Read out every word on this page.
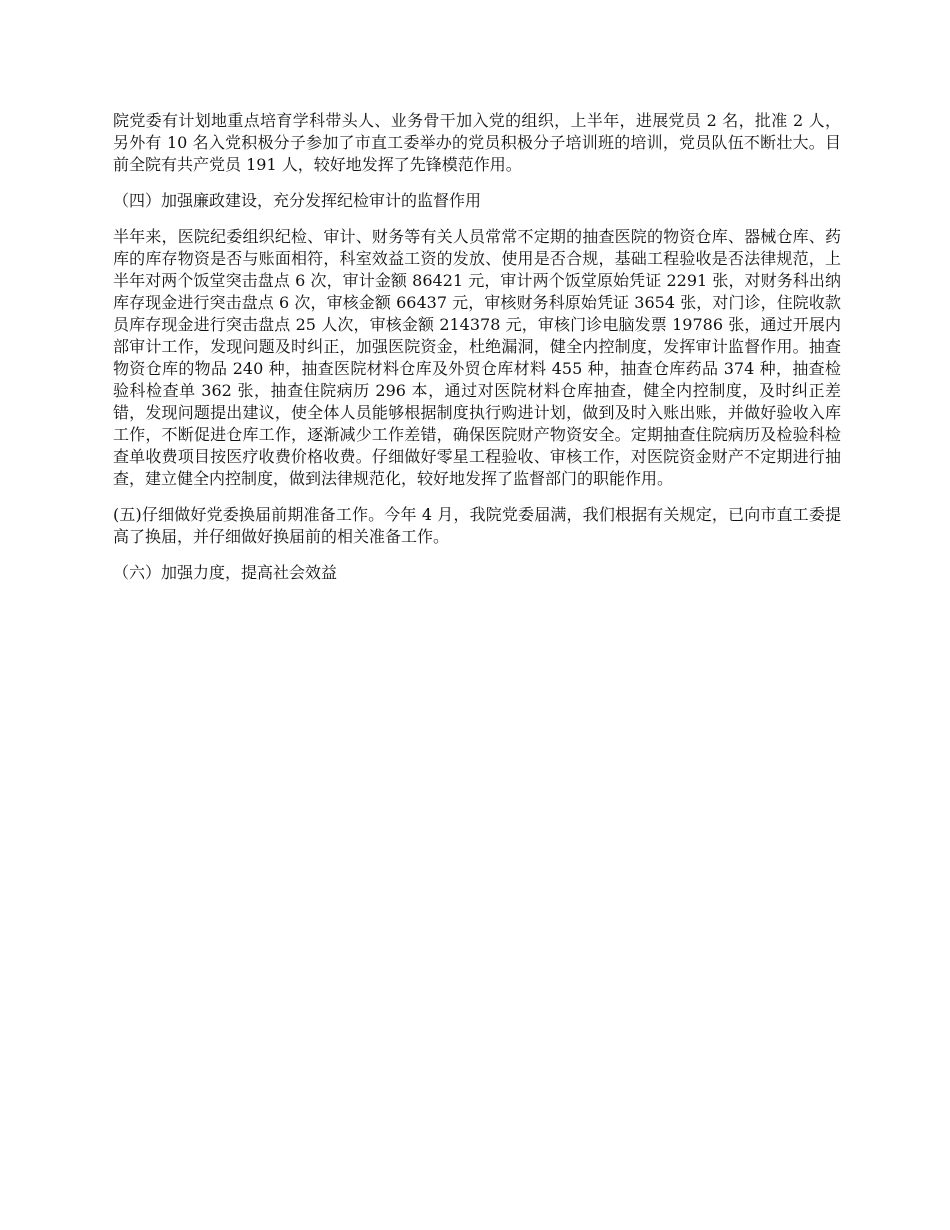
院党委有计划地重点培育学科带头人、业务骨干加入党的组织，上半年，进展党员 2 名，批准 2 人，另外有 10 名入党积极分子参加了市直工委举办的党员积极分子培训班的培训，党员队伍不断壮大。目前全院有共产党员 191 人，较好地发挥了先锋模范作用。

（四）加强廉政建设，充分发挥纪检审计的监督作用

半年来，医院纪委组织纪检、审计、财务等有关人员常常不定期的抽查医院的物资仓库、器械仓库、药库的库存物资是否与账面相符，科室效益工资的发放、使用是否合规，基础工程验收是否法律规范，上半年对两个饭堂突击盘点 6 次，审计金额 86421 元，审计两个饭堂原始凭证 2291 张，对财务科出纳库存现金进行突击盘点 6 次，审核金额 66437 元，审核财务科原始凭证 3654 张，对门诊，住院收款员库存现金进行突击盘点 25 人次，审核金额 214378 元，审核门诊电脑发票 19786 张，通过开展内部审计工作，发现问题及时纠正，加强医院资金，杜绝漏洞，健全内控制度，发挥审计监督作用。抽查物资仓库的物品 240 种，抽查医院材料仓库及外贸仓库材料 455 种，抽查仓库药品 374 种，抽查检验科检查单 362 张，抽查住院病历 296 本，通过对医院材料仓库抽查，健全内控制度，及时纠正差错，发现问题提出建议，使全体人员能够根据制度执行购进计划，做到及时入账出账，并做好验收入库工作，不断促进仓库工作，逐渐减少工作差错，确保医院财产物资安全。定期抽查住院病历及检验科检查单收费项目按医疗收费价格收费。仔细做好零星工程验收、审核工作，对医院资金财产不定期进行抽查，建立健全内控制度，做到法律规范化，较好地发挥了监督部门的职能作用。

(五)仔细做好党委换届前期准备工作。今年 4 月，我院党委届满，我们根据有关规定，已向市直工委提高了换届，并仔细做好换届前的相关准备工作。

（六）加强力度，提高社会效益
